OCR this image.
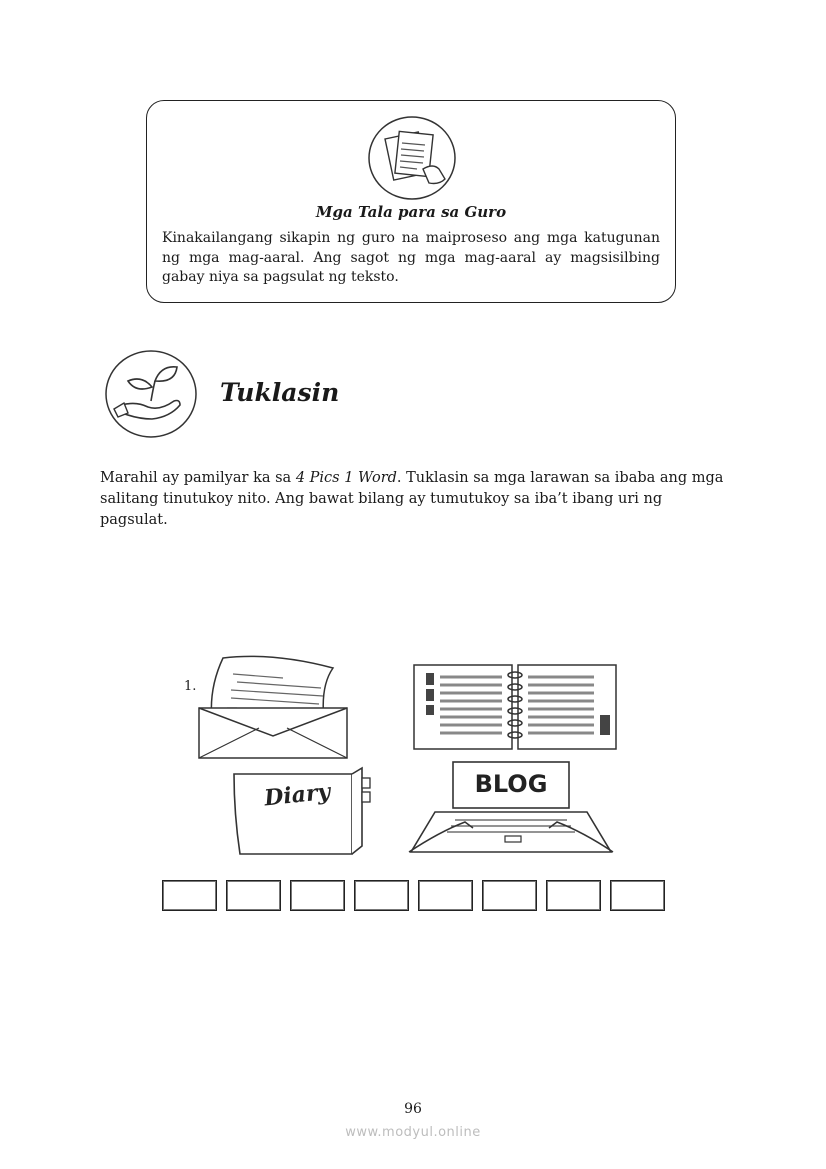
Mga Tala para sa Guro
Kinakailangang sikapin ng guro na maiproseso ang mga katugunan ng mga mag-aaral. Ang sagot ng mga mag-aaral ay magsisilbing gabay niya sa pagsulat ng teksto.
Tuklasin
Marahil ay pamilyar ka sa 4 Pics 1 Word. Tuklasin sa mga larawan sa ibaba ang mga salitang tinutukoy nito. Ang bawat bilang ay tumutukoy sa iba’t ibang uri ng pagsulat.
1.
Diary	BLOG
96
www.modyul.online
